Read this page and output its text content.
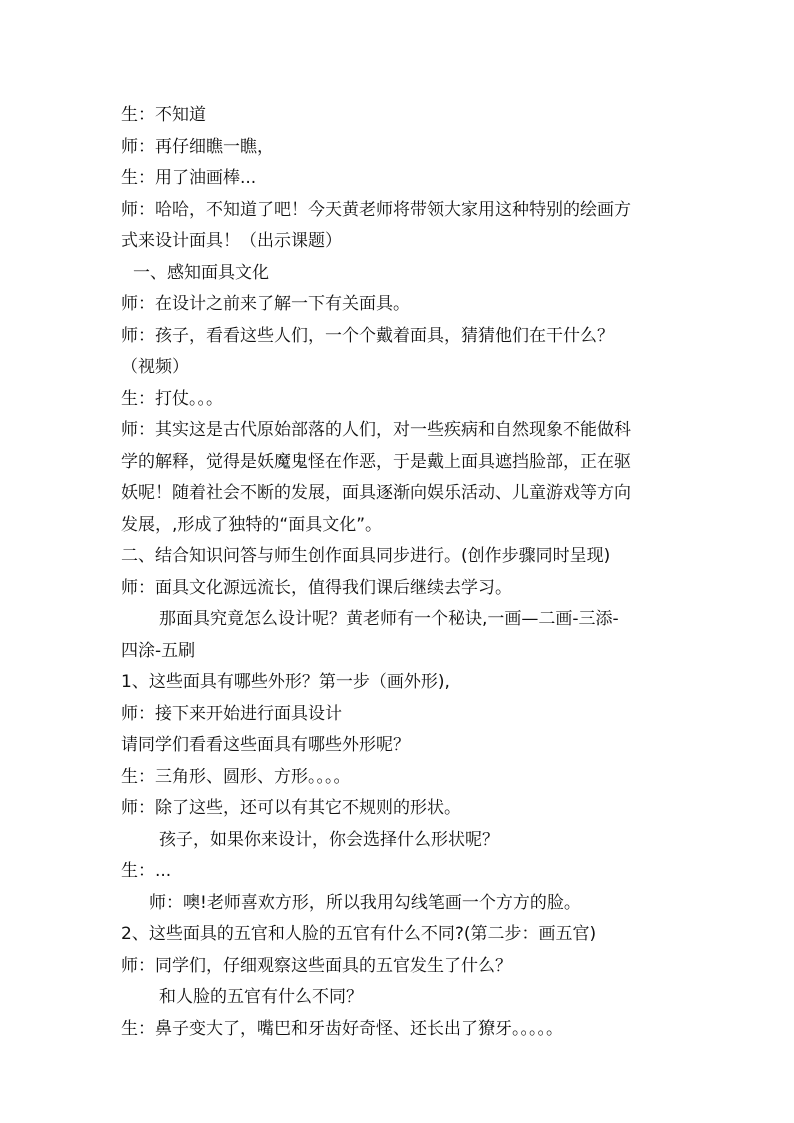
生：不知道
师：再仔细瞧一瞧，
生：用了油画棒...
师：哈哈，不知道了吧！今天黄老师将带领大家用这种特别的绘画方
式来设计面具！（出示课题）
一、感知面具文化
师：在设计之前来了解一下有关面具。
师：孩子，看看这些人们，一个个戴着面具，猜猜他们在干什么？
（视频）
生：打仗。。。
师：其实这是古代原始部落的人们，对一些疾病和自然现象不能做科
学的解释，觉得是妖魔鬼怪在作恶，于是戴上面具遮挡脸部，正在驱
妖呢！随着社会不断的发展，面具逐渐向娱乐活动、儿童游戏等方向
发展，,形成了独特的“面具文化”。
二、结合知识问答与师生创作面具同步进行。(创作步骤同时呈现)
师：面具文化源远流长，值得我们课后继续去学习。
那面具究竟怎么设计呢？黄老师有一个秘诀,一画—二画-三添-
四涂-五刷
1、这些面具有哪些外形？第一步（画外形),
师：接下来开始进行面具设计
请同学们看看这些面具有哪些外形呢？
生：三角形、圆形、方形。。。。
师：除了这些，还可以有其它不规则的形状。
孩子，如果你来设计，你会选择什么形状呢？
生：...
师：噢!老师喜欢方形，所以我用勾线笔画一个方方的脸。
2、这些面具的五官和人脸的五官有什么不同?(第二步：画五官)
师：同学们，仔细观察这些面具的五官发生了什么？
和人脸的五官有什么不同？
生：鼻子变大了，嘴巴和牙齿好奇怪、还长出了獠牙。。。。。
